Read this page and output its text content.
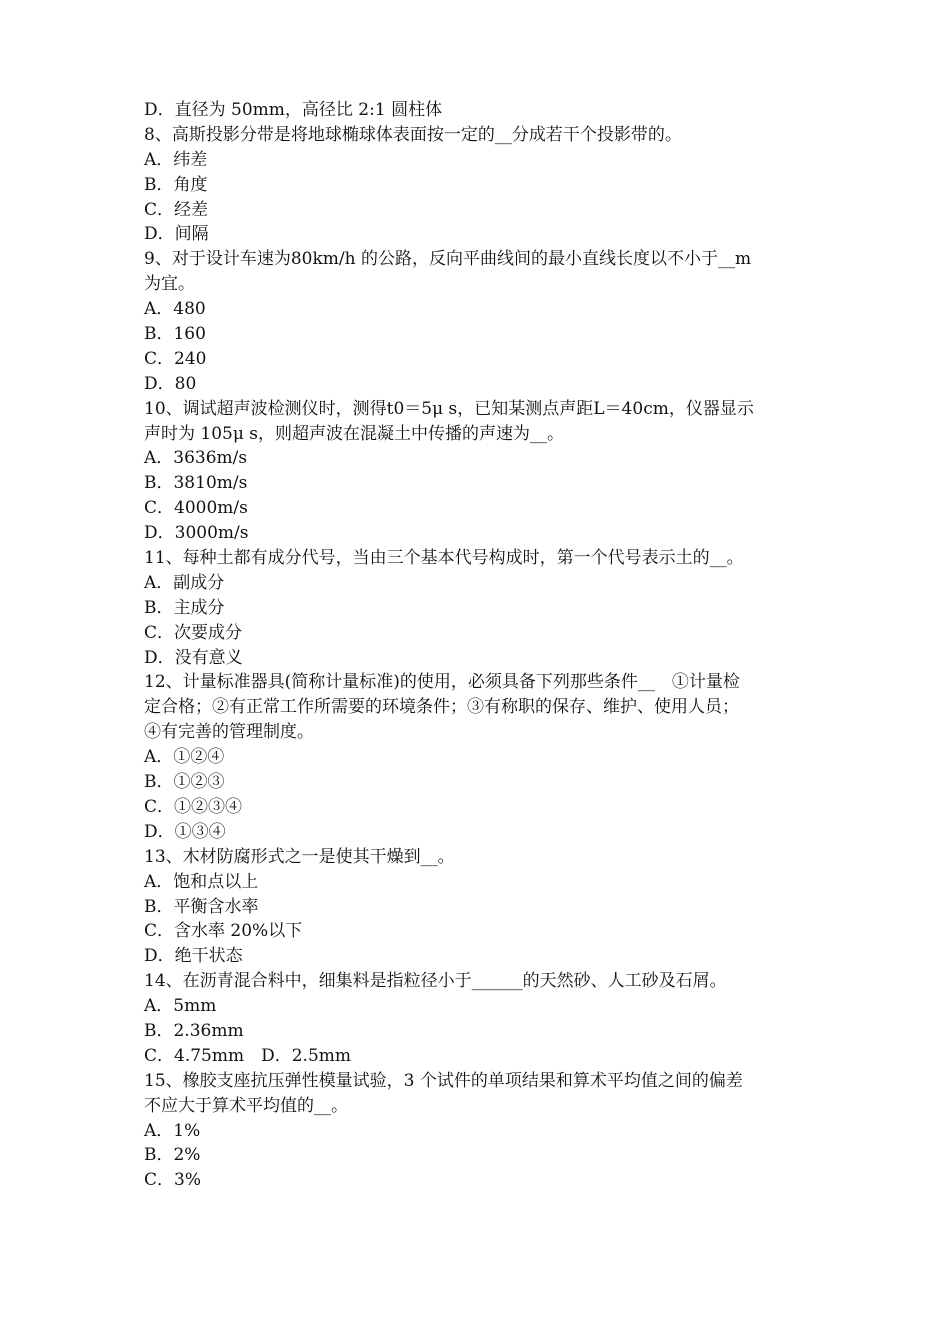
D．直径为 50mm，高径比 2:1 圆柱体
8、高斯投影分带是将地球椭球体表面按一定的__分成若干个投影带的。
A．纬差
B．角度
C．经差
D．间隔
9、对于设计车速为80km/h 的公路，反向平曲线间的最小直线长度以不小于__m
为宜。
A．480
B．160
C．240
D．80
10、调试超声波检测仪时，测得t0＝5μ s，已知某测点声距L＝40cm，仪器显示
声时为 105μ s，则超声波在混凝土中传播的声速为__。
A．3636m/s
B．3810m/s
C．4000m/s
D．3000m/s
11、每种土都有成分代号，当由三个基本代号构成时，第一个代号表示土的__。
A．副成分
B．主成分
C．次要成分
D．没有意义
12、计量标准器具(简称计量标准)的使用，必须具备下列那些条件__　①计量检
定合格；②有正常工作所需要的环境条件；③有称职的保存、维护、使用人员；
④有完善的管理制度。
A．①②④
B．①②③
C．①②③④
D．①③④
13、木材防腐形式之一是使其干燥到__。
A．饱和点以上
B．平衡含水率
C．含水率 20%以下
D．绝干状态
14、在沥青混合料中，细集料是指粒径小于______的天然砂、人工砂及石屑。
A．5mm
B．2.36mm
C．4.75mm　D．2.5mm
15、橡胶支座抗压弹性模量试验，3 个试件的单项结果和算术平均值之间的偏差
不应大于算术平均值的__。
A．1%
B．2%
C．3%
